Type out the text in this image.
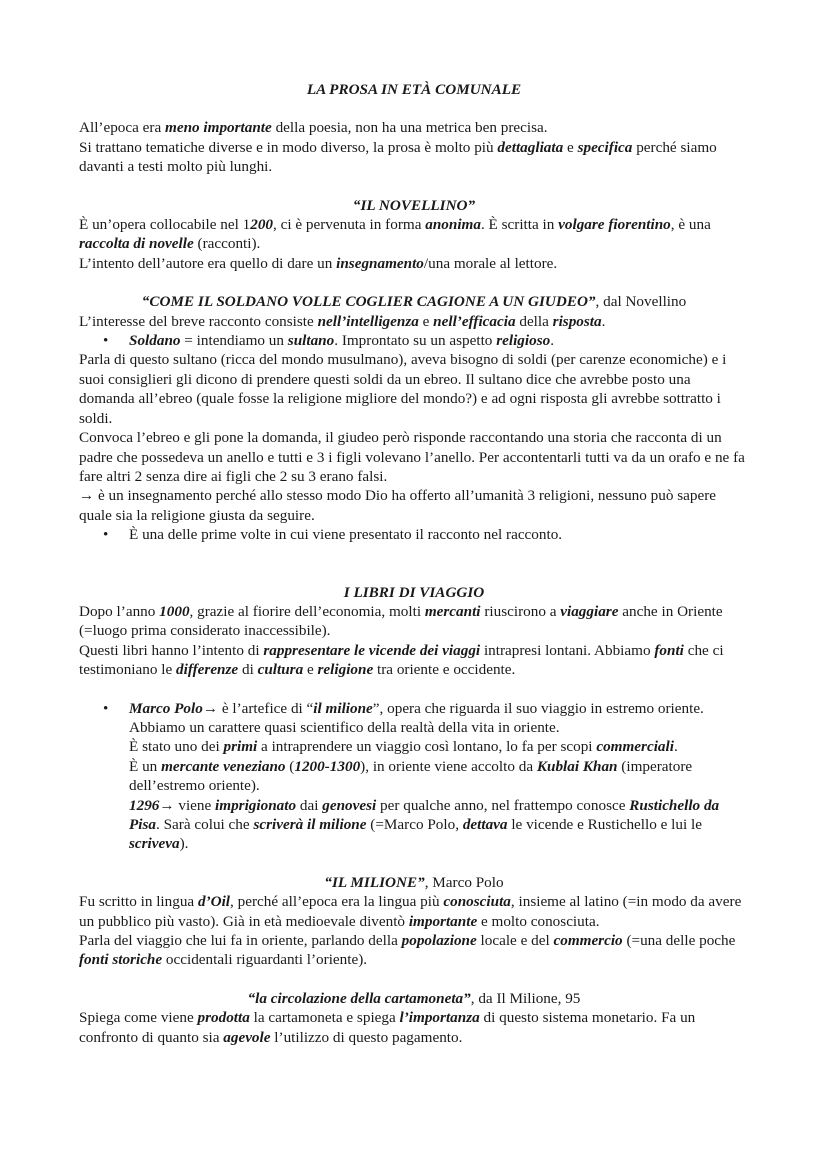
LA PROSA IN ETÀ COMUNALE

All’epoca era meno importante della poesia, non ha una metrica ben precisa.

Si trattano tematiche diverse e in modo diverso, la prosa è molto più dettagliata e specifica perché siamo davanti a testi molto più lunghi.

“IL NOVELLINO”

È un’opera collocabile nel 1200, ci è pervenuta in forma anonima. È scritta in volgare fiorentino, è una raccolta di novelle (racconti).

L’intento dell’autore era quello di dare un insegnamento/una morale al lettore.

“COME IL SOLDANO VOLLE COGLIER CAGIONE A UN GIUDEO”, dal Novellino

L’interesse del breve racconto consiste nell’intelligenza e nell’efficacia della risposta.

• Soldano = intendiamo un sultano. Improntato su un aspetto religioso.

Parla di questo sultano (ricca del mondo musulmano), aveva bisogno di soldi (per carenze economiche) e i suoi consiglieri gli dicono di prendere questi soldi da un ebreo. Il sultano dice che avrebbe posto una domanda all’ebreo (quale fosse la religione migliore del mondo?) e ad ogni risposta gli avrebbe sottratto i soldi.

Convoca l’ebreo e gli pone la domanda, il giudeo però risponde raccontando una storia che racconta di un padre che possedeva un anello e tutti e 3 i figli volevano l’anello. Per accontentarli tutti va da un orafo e ne fa fare altri 2 senza dire ai figli che 2 su 3 erano falsi.

→ è un insegnamento perché allo stesso modo Dio ha offerto all’umanità 3 religioni, nessuno può sapere quale sia la religione giusta da seguire.

• È una delle prime volte in cui viene presentato il racconto nel racconto.

I LIBRI DI VIAGGIO

Dopo l’anno 1000, grazie al fiorire dell’economia, molti mercanti riuscirono a viaggiare anche in Oriente (=luogo prima considerato inaccessibile).

Questi libri hanno l’intento di rappresentare le vicende dei viaggi intrapresi lontani. Abbiamo fonti che ci testimoniano le differenze di cultura e religione tra oriente e occidente.

• Marco Polo→ è l’artefice di “il milione”, opera che riguarda il suo viaggio in estremo oriente. Abbiamo un carattere quasi scientifico della realtà della vita in oriente.

È stato uno dei primi a intraprendere un viaggio così lontano, lo fa per scopi commerciali.

È un mercante veneziano (1200-1300), in oriente viene accolto da Kublai Khan (imperatore dell’estremo oriente).

1296→ viene imprigionato dai genovesi per qualche anno, nel frattempo conosce Rustichello da Pisa. Sarà colui che scriverà il milione (=Marco Polo, dettava le vicende e Rustichello e lui le scriveva).

“IL MILIONE”, Marco Polo

Fu scritto in lingua d’Oil, perché all’epoca era la lingua più conosciuta, insieme al latino (=in modo da avere un pubblico più vasto). Già in età medioevale diventò importante e molto conosciuta.

Parla del viaggio che lui fa in oriente, parlando della popolazione locale e del commercio (=una delle poche fonti storiche occidentali riguardanti l’oriente).

“la circolazione della cartamoneta”, da Il Milione, 95

Spiega come viene prodotta la cartamoneta e spiega l’importanza di questo sistema monetario. Fa un confronto di quanto sia agevole l’utilizzo di questo pagamento.
